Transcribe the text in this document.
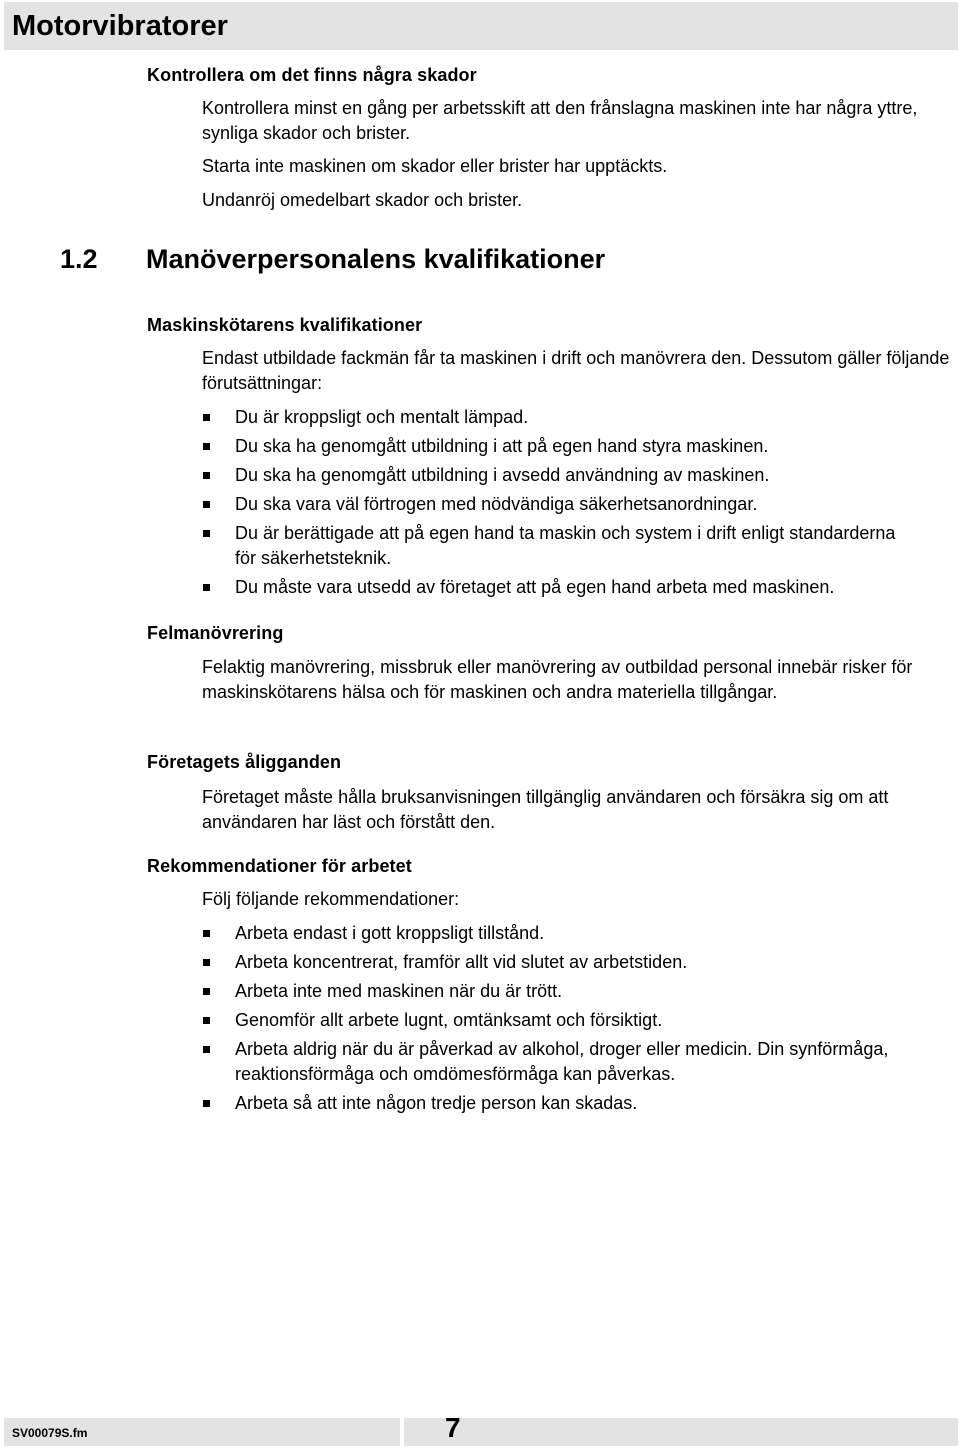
Motorvibratorer
Kontrollera om det finns några skador

Kontrollera minst en gång per arbetsskift att den frånslagna maskinen inte har några yttre, synliga skador och brister.

Starta inte maskinen om skador eller brister har upptäckts.

Undanröj omedelbart skador och brister.

1.2	Manöverpersonalens kvalifikationer
Maskinskötarens kvalifikationer

Endast utbildade fackmän får ta maskinen i drift och manövrera den. Dessutom gäller följande förutsättningar:

Du är kroppsligt och mentalt lämpad.
Du ska ha genomgått utbildning i att på egen hand styra maskinen.
Du ska ha genomgått utbildning i avsedd användning av maskinen.
Du ska vara väl förtrogen med nödvändiga säkerhetsanordningar.
Du är berättigade att på egen hand ta maskin och system i drift enligt standarderna för säkerhetsteknik.
Du måste vara utsedd av företaget att på egen hand arbeta med maskinen.
Felmanövrering

Felaktig manövrering, missbruk eller manövrering av outbildad personal innebär risker för maskinskötarens hälsa och för maskinen och andra materiella tillgångar.

Företagets åligganden

Företaget måste hålla bruksanvisningen tillgänglig användaren och försäkra sig om att användaren har läst och förstått den.

Rekommendationer för arbetet

Följ följande rekommendationer:

Arbeta endast i gott kroppsligt tillstånd.
Arbeta koncentrerat, framför allt vid slutet av arbetstiden.
Arbeta inte med maskinen när du är trött.
Genomför allt arbete lugnt, omtänksamt och försiktigt.
Arbeta aldrig när du är påverkad av alkohol, droger eller medicin. Din synförmåga, reaktionsförmåga och omdömesförmåga kan påverkas.
Arbeta så att inte någon tredje person kan skadas.
SV00079S.fm	7
